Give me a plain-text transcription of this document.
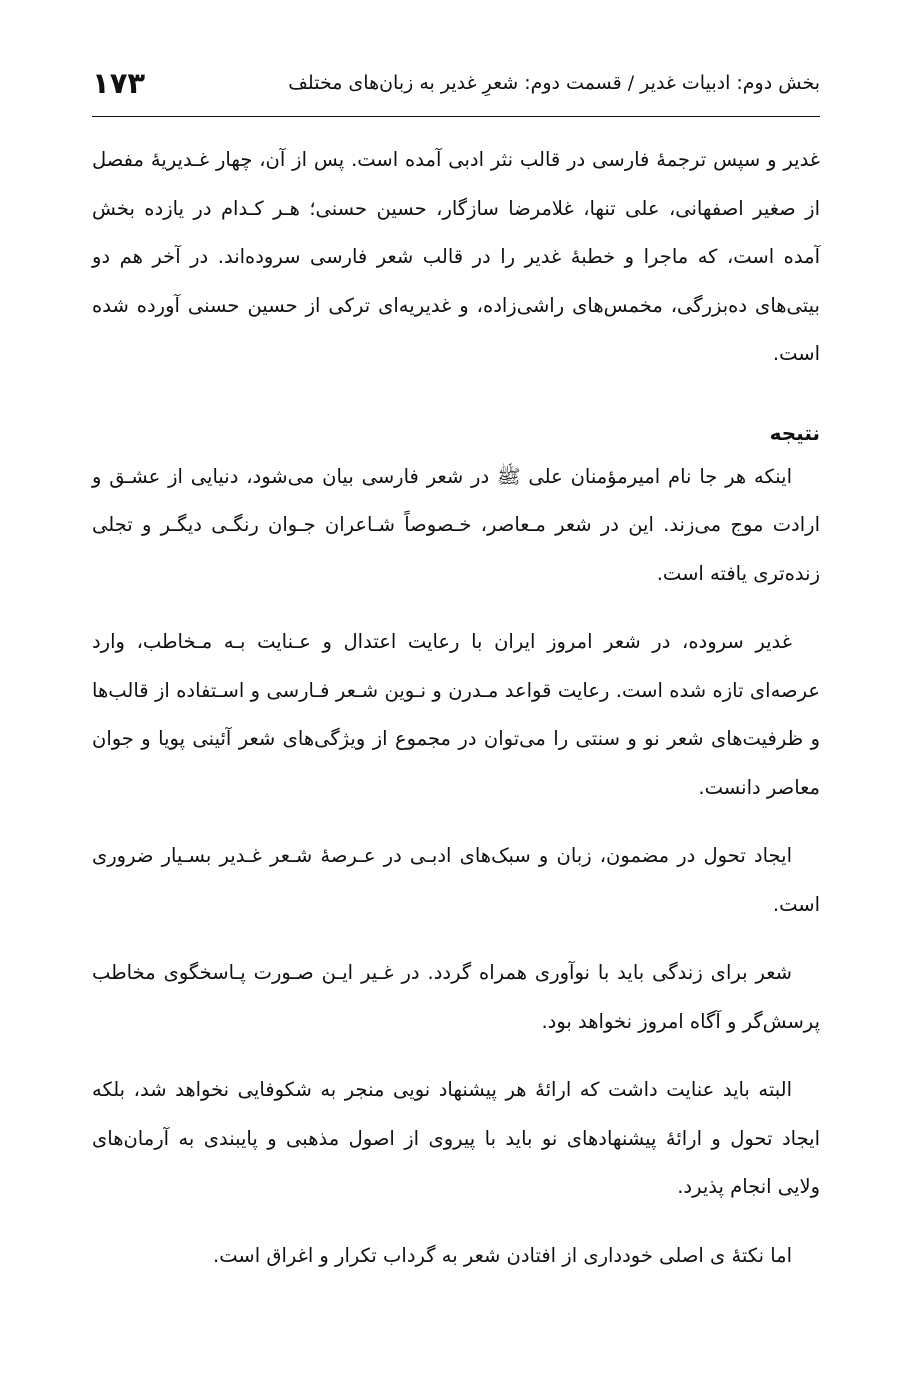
بخش دوم: ادبیات غدیر / قسمت دوم: شعرِ غدیر به زبان‌های مختلف
۱۷۳

غدیر و سپس ترجمهٔ فارسی در قالب نثر ادبی آمده است. پس از آن، چهار غـدیریهٔ مفصل از صغیر اصفهانی، علی تنها، غلامرضا سازگار، حسین حسنی؛ هـر کـدام در یازده بخش آمده است، که ماجرا و خطبهٔ غدیر را در قالب شعر فارسی سروده‌اند. در آخر هم دو بیتی‌های ده‌بزرگی، مخمس‌های راشی‌زاده، و غدیریه‌ای ترکی از حسین حسنی آورده شده است.

نتیجه

اینکه هر جا نام امیرمؤمنان علی ﷺ در شعر فارسی بیان می‌شود، دنیایی از عشـق و ارادت موج می‌زند. این در شعر مـعاصر، خـصوصاً شـاعران جـوان رنگـی دیگـر و تجلی زنده‌تری یافته است.

غدیر سروده، در شعر امروز ایران با رعایت اعتدال و عـنایت بـه مـخاطب، وارد عرصه‌ای تازه شده است. رعایت قواعد مـدرن و نـوین شـعر فـارسی و اسـتفاده از قالب‌ها و ظرفیت‌های شعر نو و سنتی را می‌توان در مجموع از ویژگی‌های شعر آئینی پویا و جوان معاصر دانست.

ایجاد تحول در مضمون، زبان و سبک‌های ادبـی در عـرصهٔ شـعر غـدیر بسـیار ضروری است.

شعر برای زندگی باید با نوآوری همراه گردد. در غـیر ایـن صـورت پـاسخگوی مخاطب پرسش‌گر و آگاه امروز نخواهد بود.

البته باید عنایت داشت که ارائهٔ هر پیشنهاد نویی منجر به شکوفایی نخواهد شد، بلکه ایجاد تحول و ارائهٔ پیشنهادهای نو باید با پیروی از اصول مذهبی و پایبندی به آرمان‌های ولایی انجام پذیرد.

اما نکتهٔ ی اصلی خودداری از افتادن شعر به گرداب تکرار و اغراق است.
